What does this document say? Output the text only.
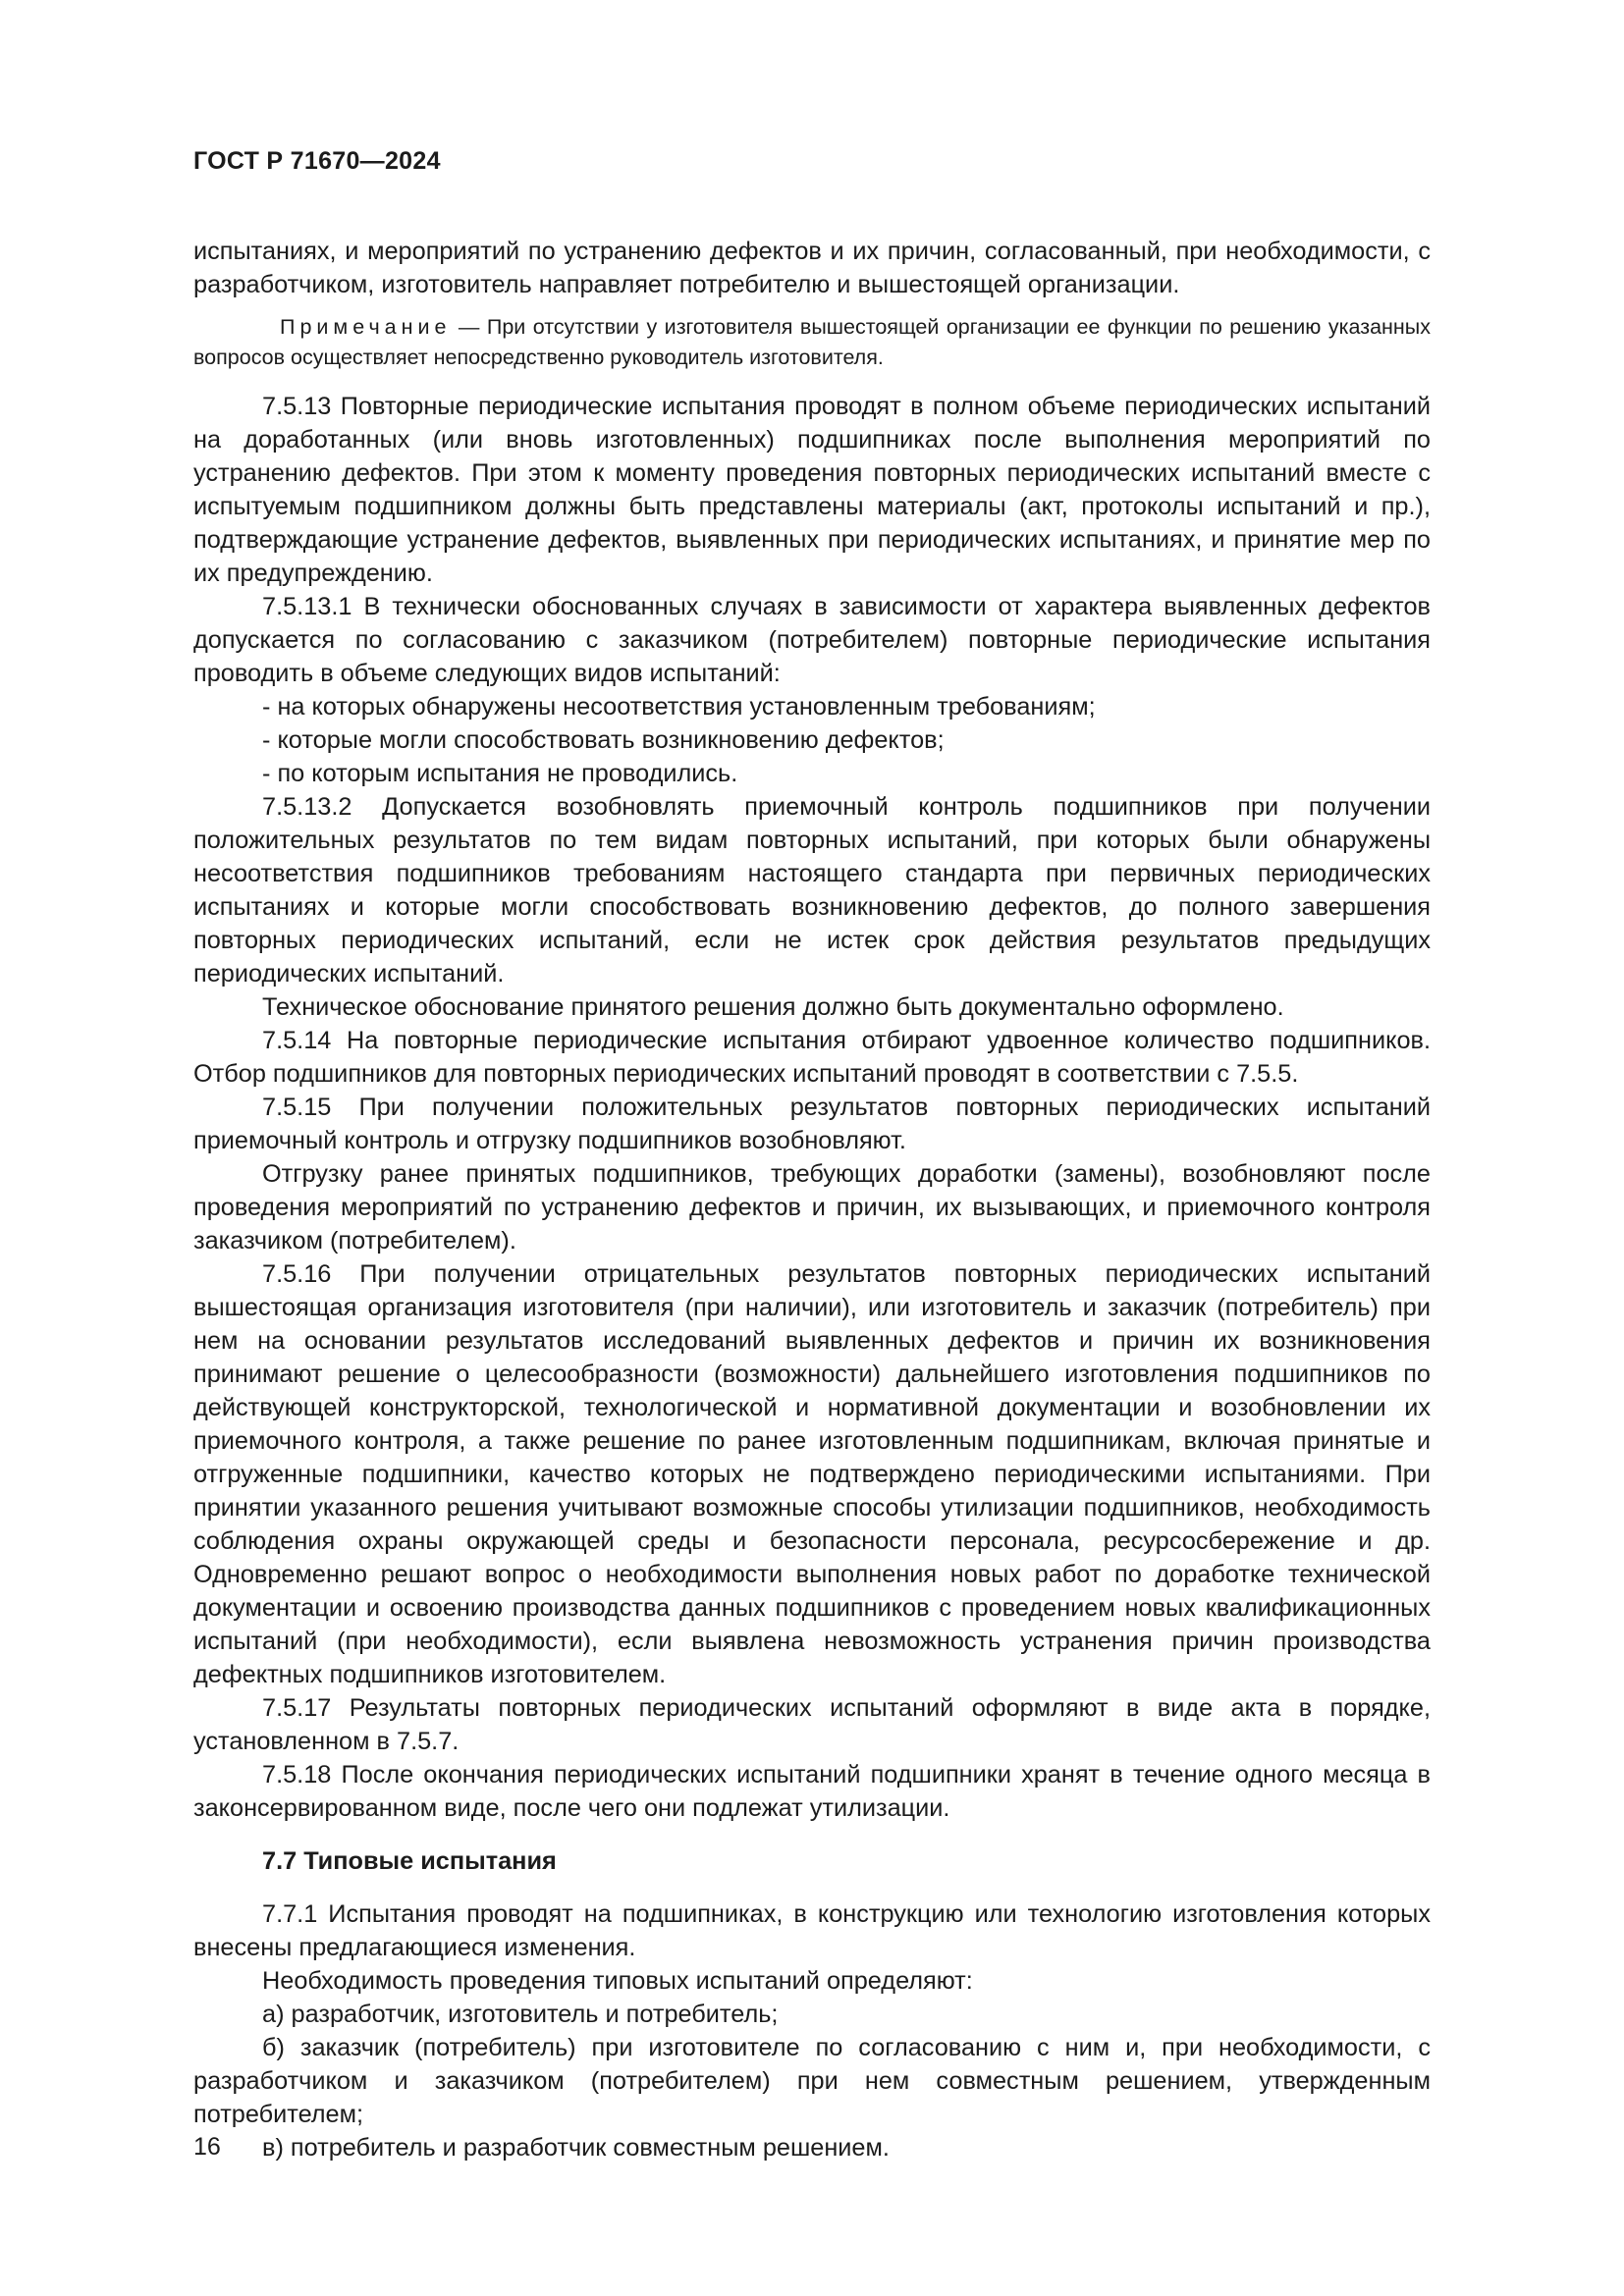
ГОСТ Р 71670—2024

испытаниях, и мероприятий по устранению дефектов и их причин, согласованный, при необходимости, с разработчиком, изготовитель направляет потребителю и вышестоящей организации.

Примечание — При отсутствии у изготовителя вышестоящей организации ее функции по решению указанных вопросов осуществляет непосредственно руководитель изготовителя.

7.5.13 Повторные периодические испытания проводят в полном объеме периодических испытаний на доработанных (или вновь изготовленных) подшипниках после выполнения мероприятий по устранению дефектов. При этом к моменту проведения повторных периодических испытаний вместе с испытуемым подшипником должны быть представлены материалы (акт, протоколы испытаний и пр.), подтверждающие устранение дефектов, выявленных при периодических испытаниях, и принятие мер по их предупреждению.

7.5.13.1 В технически обоснованных случаях в зависимости от характера выявленных дефектов допускается по согласованию с заказчиком (потребителем) повторные периодические испытания проводить в объеме следующих видов испытаний:

- на которых обнаружены несоответствия установленным требованиям;

- которые могли способствовать возникновению дефектов;

- по которым испытания не проводились.

7.5.13.2 Допускается возобновлять приемочный контроль подшипников при получении положительных результатов по тем видам повторных испытаний, при которых были обнаружены несоответствия подшипников требованиям настоящего стандарта при первичных периодических испытаниях и которые могли способствовать возникновению дефектов, до полного завершения повторных периодических испытаний, если не истек срок действия результатов предыдущих периодических испытаний.

Техническое обоснование принятого решения должно быть документально оформлено.

7.5.14 На повторные периодические испытания отбирают удвоенное количество подшипников. Отбор подшипников для повторных периодических испытаний проводят в соответствии с 7.5.5.

7.5.15 При получении положительных результатов повторных периодических испытаний приемочный контроль и отгрузку подшипников возобновляют.

Отгрузку ранее принятых подшипников, требующих доработки (замены), возобновляют после проведения мероприятий по устранению дефектов и причин, их вызывающих, и приемочного контроля заказчиком (потребителем).

7.5.16 При получении отрицательных результатов повторных периодических испытаний вышестоящая организация изготовителя (при наличии), или изготовитель и заказчик (потребитель) при нем на основании результатов исследований выявленных дефектов и причин их возникновения принимают решение о целесообразности (возможности) дальнейшего изготовления подшипников по действующей конструкторской, технологической и нормативной документации и возобновлении их приемочного контроля, а также решение по ранее изготовленным подшипникам, включая принятые и отгруженные подшипники, качество которых не подтверждено периодическими испытаниями. При принятии указанного решения учитывают возможные способы утилизации подшипников, необходимость соблюдения охраны окружающей среды и безопасности персонала, ресурсосбережение и др. Одновременно решают вопрос о необходимости выполнения новых работ по доработке технической документации и освоению производства данных подшипников с проведением новых квалификационных испытаний (при необходимости), если выявлена невозможность устранения причин производства дефектных подшипников изготовителем.

7.5.17 Результаты повторных периодических испытаний оформляют в виде акта в порядке, установленном в 7.5.7.

7.5.18 После окончания периодических испытаний подшипники хранят в течение одного месяца в законсервированном виде, после чего они подлежат утилизации.

7.7 Типовые испытания

7.7.1 Испытания проводят на подшипниках, в конструкцию или технологию изготовления которых внесены предлагающиеся изменения.

Необходимость проведения типовых испытаний определяют:

а) разработчик, изготовитель и потребитель;

б) заказчик (потребитель) при изготовителе по согласованию с ним и, при необходимости, с разработчиком и заказчиком (потребителем) при нем совместным решением, утвержденным потребителем;

в) потребитель и разработчик совместным решением.

16
